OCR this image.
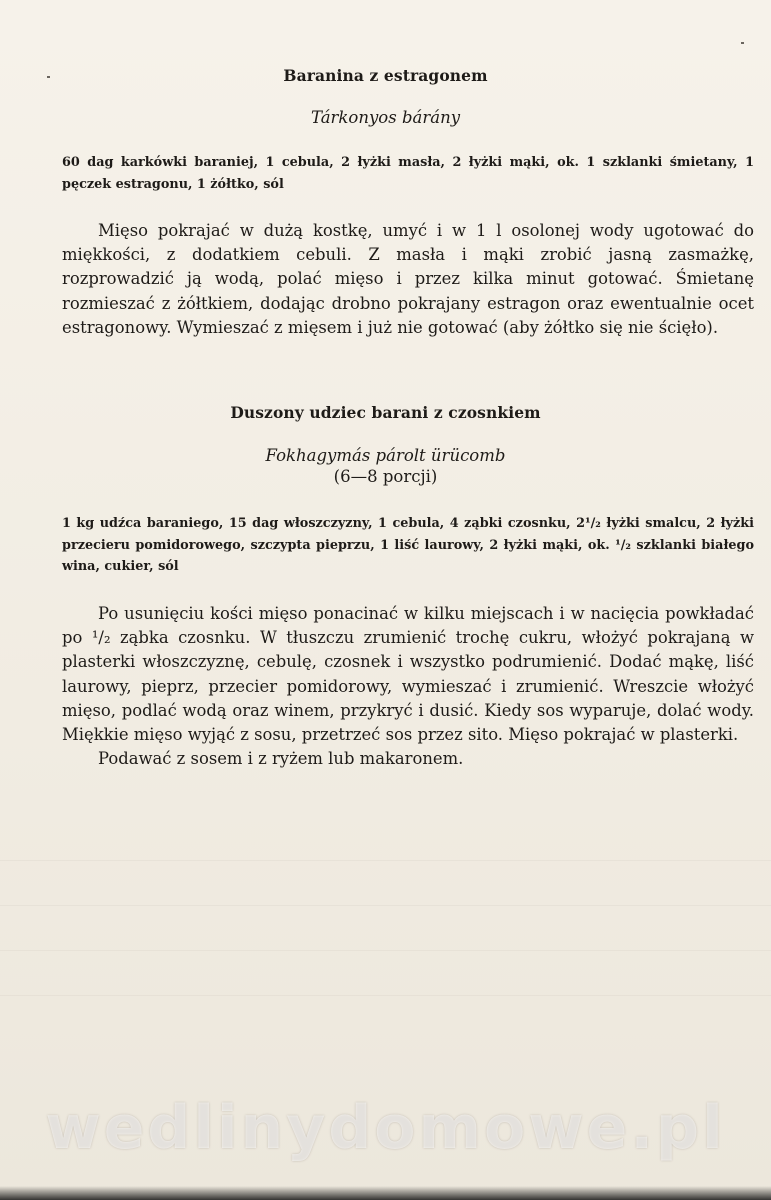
Baranina z estragonem
Tárkonyos bárány
60 dag karkówki baraniej, 1 cebula, 2 łyżki masła, 2 łyżki mąki, ok. 1 szklanki śmietany, 1 pęczek estragonu, 1 żółtko, sól

Mięso pokrajać w dużą kostkę, umyć i w 1 l osolonej wody ugotować do miękkości, z dodatkiem cebuli. Z masła i mąki zrobić jasną zasmażkę, rozprowadzić ją wodą, polać mięso i przez kilka minut gotować. Śmietanę rozmieszać z żółtkiem, dodając drobno pokrajany estragon oraz ewentualnie ocet estragonowy. Wymieszać z mięsem i już nie gotować (aby żółtko się nie ścięło).

Duszony udziec barani z czosnkiem
Fokhagymás párolt ürücomb
(6—8 porcji)
1 kg udźca baraniego, 15 dag włoszczyzny, 1 cebula, 4 ząbki czosnku, 2¹/₂ łyżki smalcu, 2 łyżki przecieru pomidorowego, szczypta pieprzu, 1 liść laurowy, 2 łyżki mąki, ok. ¹/₂ szklanki białego wina, cukier, sól

Po usunięciu kości mięso ponacinać w kilku miejscach i w nacięcia powkładać po ¹/₂ ząbka czosnku. W tłuszczu zrumienić trochę cukru, włożyć pokrajaną w plasterki włoszczyznę, cebulę, czosnek i wszystko podrumienić. Dodać mąkę, liść laurowy, pieprz, przecier pomidorowy, wymieszać i zrumienić. Wreszcie włożyć mięso, podlać wodą oraz winem, przykryć i dusić. Kiedy sos wyparuje, dolać wody. Miękkie mięso wyjąć z sosu, przetrzeć sos przez sito. Mięso pokrajać w plasterki.

Podawać z sosem i z ryżem lub makaronem.

wedlinydomowe.pl
